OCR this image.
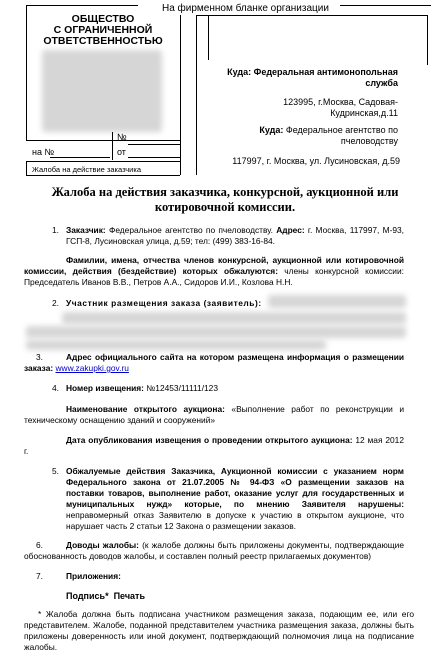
На фирменном бланке организации
ОБЩЕСТВО
С ОГРАНИЧЕННОЙ
ОТВЕТСТВЕННОСТЬЮ
№
на №	от
Жалоба на действие заказчика
Куда: Федеральная антимонопольная служба
123995, г.Москва, Садовая-Кудринская,д.11
Куда: Федеральное агентство по пчеловодству
117997, г. Москва, ул. Лусиновская, д.59
Жалоба на действия заказчика, конкурсной, аукционной или котировочной комиссии.
1. Заказчик: Федеральное агентство по пчеловодству. Адрес: г. Москва, 117997, М-93, ГСП-8, Лусиновская улица, д.59; тел: (499) 383-16-84.
Фамилии, имена, отчества членов конкурсной, аукционной или котировочной комиссии, действия (бездействие) которых обжалуются: члены конкурсной комиссии: Председатель Иванов В.В., Петров А.А., Сидоров И.И., Козлова Н.Н.
2. Участник размещения заказа (заявитель):
3.	Адрес официального сайта на котором размещена информация о размещении заказа: www.zakupki.gov.ru
4. Номер извещения: №12453/11111/123
Наименование открытого аукциона: «Выполнение работ по реконструкции и техническому оснащению зданий и сооружений»
Дата опубликования извещения о проведении открытого аукциона: 12 мая 2012 г.
5. Обжалуемые действия Заказчика, Аукционной комиссии с указанием норм Федерального закона от 21.07.2005 № 94-ФЗ «О размещении заказов на поставки товаров, выполнение работ, оказание услуг для государственных и муниципальных нужд» которые, по мнению Заявителя нарушены: неправомерный отказ Заявителю в допуске к участию в открытом аукционе, что нарушает часть 2 статьи 12 Закона о размещении заказов.
6.	Доводы жалобы: (к жалобе должны быть приложены документы, подтверждающие обоснованность доводов жалобы, и составлен полный реестр прилагаемых документов)
7.	Приложения:
Подпись*  Печать
* Жалоба должна быть подписана участником размещения заказа, подающим ее, или его представителем. Жалобе, поданной представителем участника размещения заказа, должны быть приложены доверенность или иной документ, подтверждающий полномочия лица на подписание жалобы.
